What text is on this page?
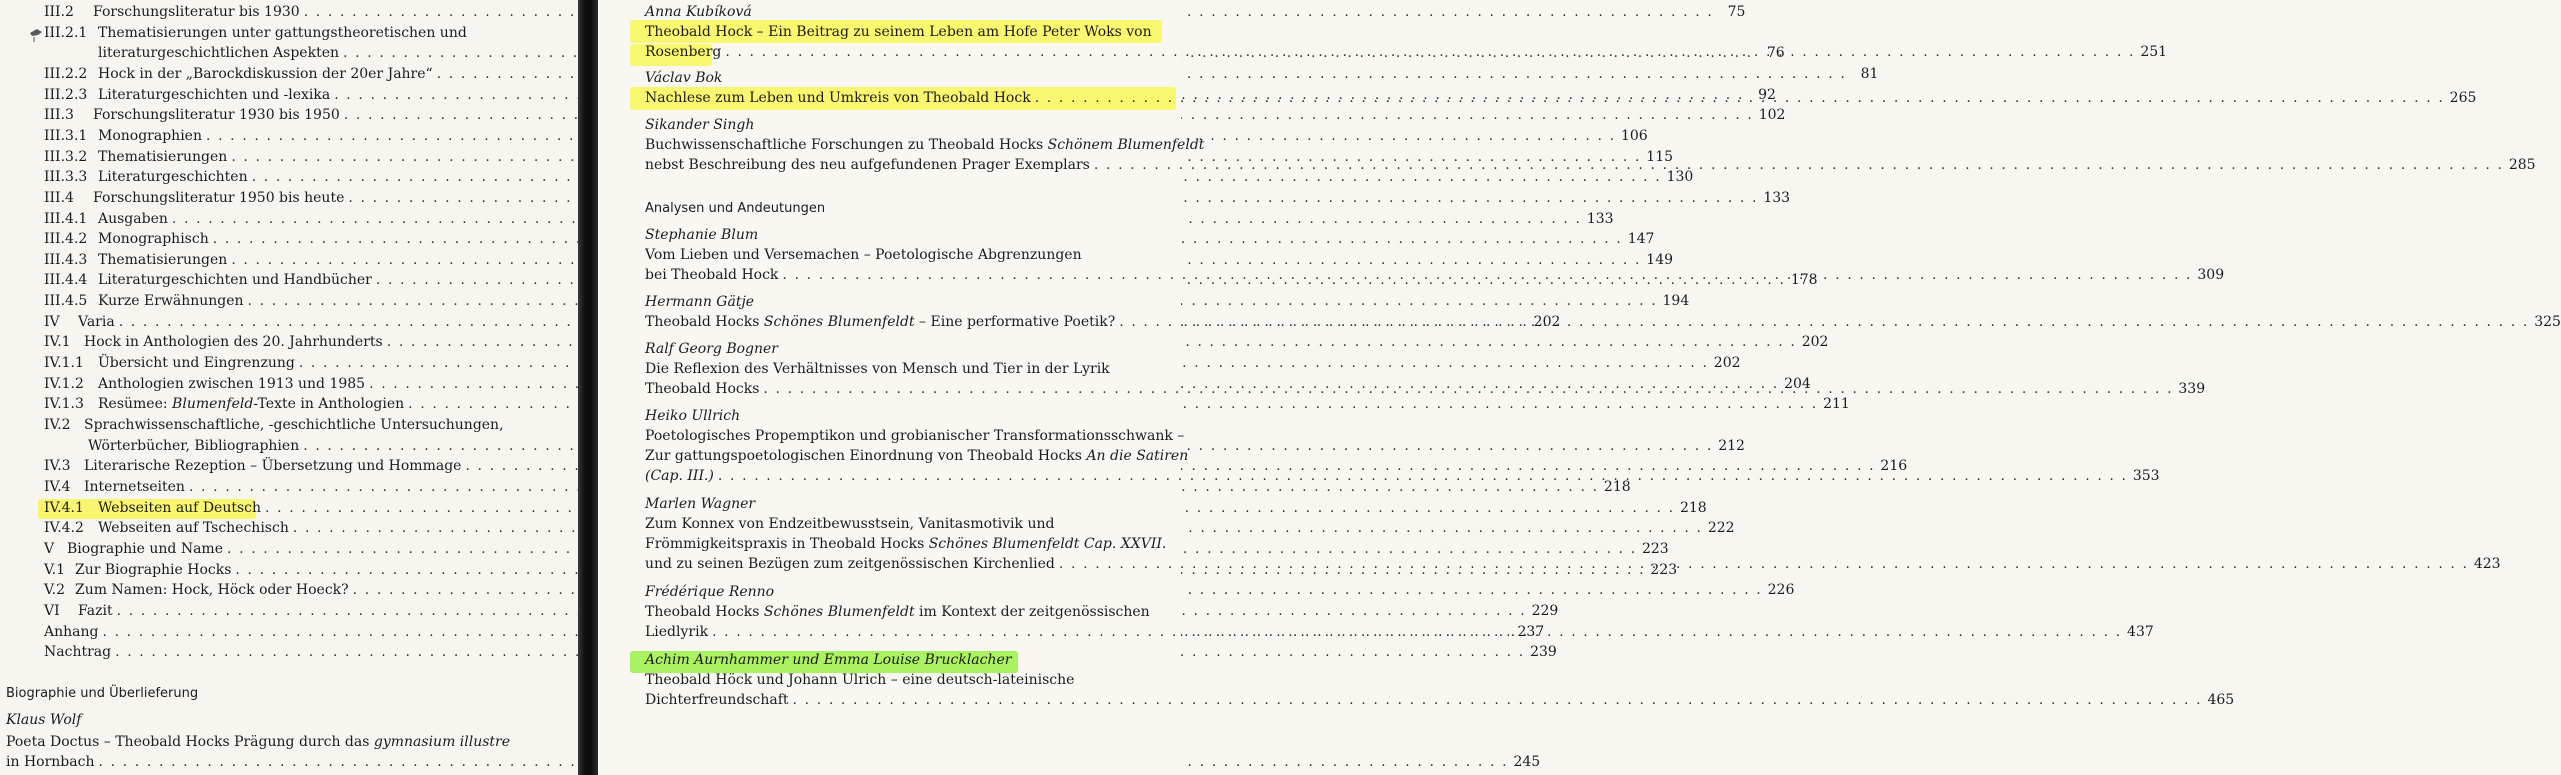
III.2 Forschungsliteratur bis 1930 . . .	75
III.2.1 Thematisierungen unter gattungstheoretischen und
literaturgeschichtlichen Aspekten . . .	76
III.2.2 Hock in der „Barockdiskussion der 20er Jahre“ . . .	81
III.2.3 Literaturgeschichten und -lexika . . .	92
III.3 Forschungsliteratur 1930 bis 1950 . . .	102
III.3.1 Monographien . . .	106
III.3.2 Thematisierungen . . .	115
III.3.3 Literaturgeschichten . . .	130
III.4 Forschungsliteratur 1950 bis heute . . .	133
III.4.1 Ausgaben . . .	133
III.4.2 Monographisch . . .	147
III.4.3 Thematisierungen . . .	149
III.4.4 Literaturgeschichten und Handbücher . . .	178
III.4.5 Kurze Erwähnungen . . .	194
IV Varia . . .	202
IV.1 Hock in Anthologien des 20. Jahrhunderts . . .	202
IV.1.1 Übersicht und Eingrenzung . . .	202
IV.1.2 Anthologien zwischen 1913 und 1985 . . .	204
IV.1.3 Resümee: Blumenfeld-Texte in Anthologien . . .	211
IV.2 Sprachwissenschaftliche, -geschichtliche Untersuchungen,
Wörterbücher, Bibliographien . . .	212
IV.3 Literarische Rezeption – Übersetzung und Hommage . . .	216
IV.4 Internetseiten . . .	218
IV.4.1 Webseiten auf Deutsch . . .	218
IV.4.2 Webseiten auf Tschechisch . . .	222
V Biographie und Name . . .	223
V.1 Zur Biographie Hocks . . .	223
V.2 Zum Namen: Hock, Höck oder Hoeck? . . .	226
VI Fazit . . .	229
Anhang . . .	237
Nachtrag . . .	239
Biographie und Überlieferung
Klaus Wolf
Poeta Doctus – Theobald Hocks Prägung durch das gymnasium illustre
in Hornbach . . .	245
Anna Kubíková
Theobald Hock – Ein Beitrag zu seinem Leben am Hofe Peter Woks von
Rosenberg . . .	251
Václav Bok
Nachlese zum Leben und Umkreis von Theobald Hock . . .	265
Sikander Singh
Buchwissenschaftliche Forschungen zu Theobald Hocks Schönem Blumenfeldt
nebst Beschreibung des neu aufgefundenen Prager Exemplars . . .	285
Analysen und Andeutungen
Stephanie Blum
Vom Lieben und Versemachen – Poetologische Abgrenzungen
bei Theobald Hock . . .	309
Hermann Gätje
Theobald Hocks Schönes Blumenfeldt – Eine performative Poetik? . . .	325
Ralf Georg Bogner
Die Reflexion des Verhältnisses von Mensch und Tier in der Lyrik
Theobald Hocks . . .	339
Heiko Ullrich
Poetologisches Propemptikon und grobianischer Transformationsschwank –
Zur gattungspoetologischen Einordnung von Theobald Hocks An die Satiren
(Cap. III.) . . .	353
Marlen Wagner
Zum Konnex von Endzeitbewusstsein, Vanitasmotivik und
Frömmigkeitspraxis in Theobald Hocks Schönes Blumenfeldt Cap. XXVII.
und zu seinen Bezügen zum zeitgenössischen Kirchenlied . . .	423
Frédérique Renno
Theobald Hocks Schönes Blumenfeldt im Kontext der zeitgenössischen
Liedlyrik . . .	437
Achim Aurnhammer und Emma Louise Brucklacher
Theobald Höck und Johann Ulrich – eine deutsch-lateinische
Dichterfreundschaft . . .	465
